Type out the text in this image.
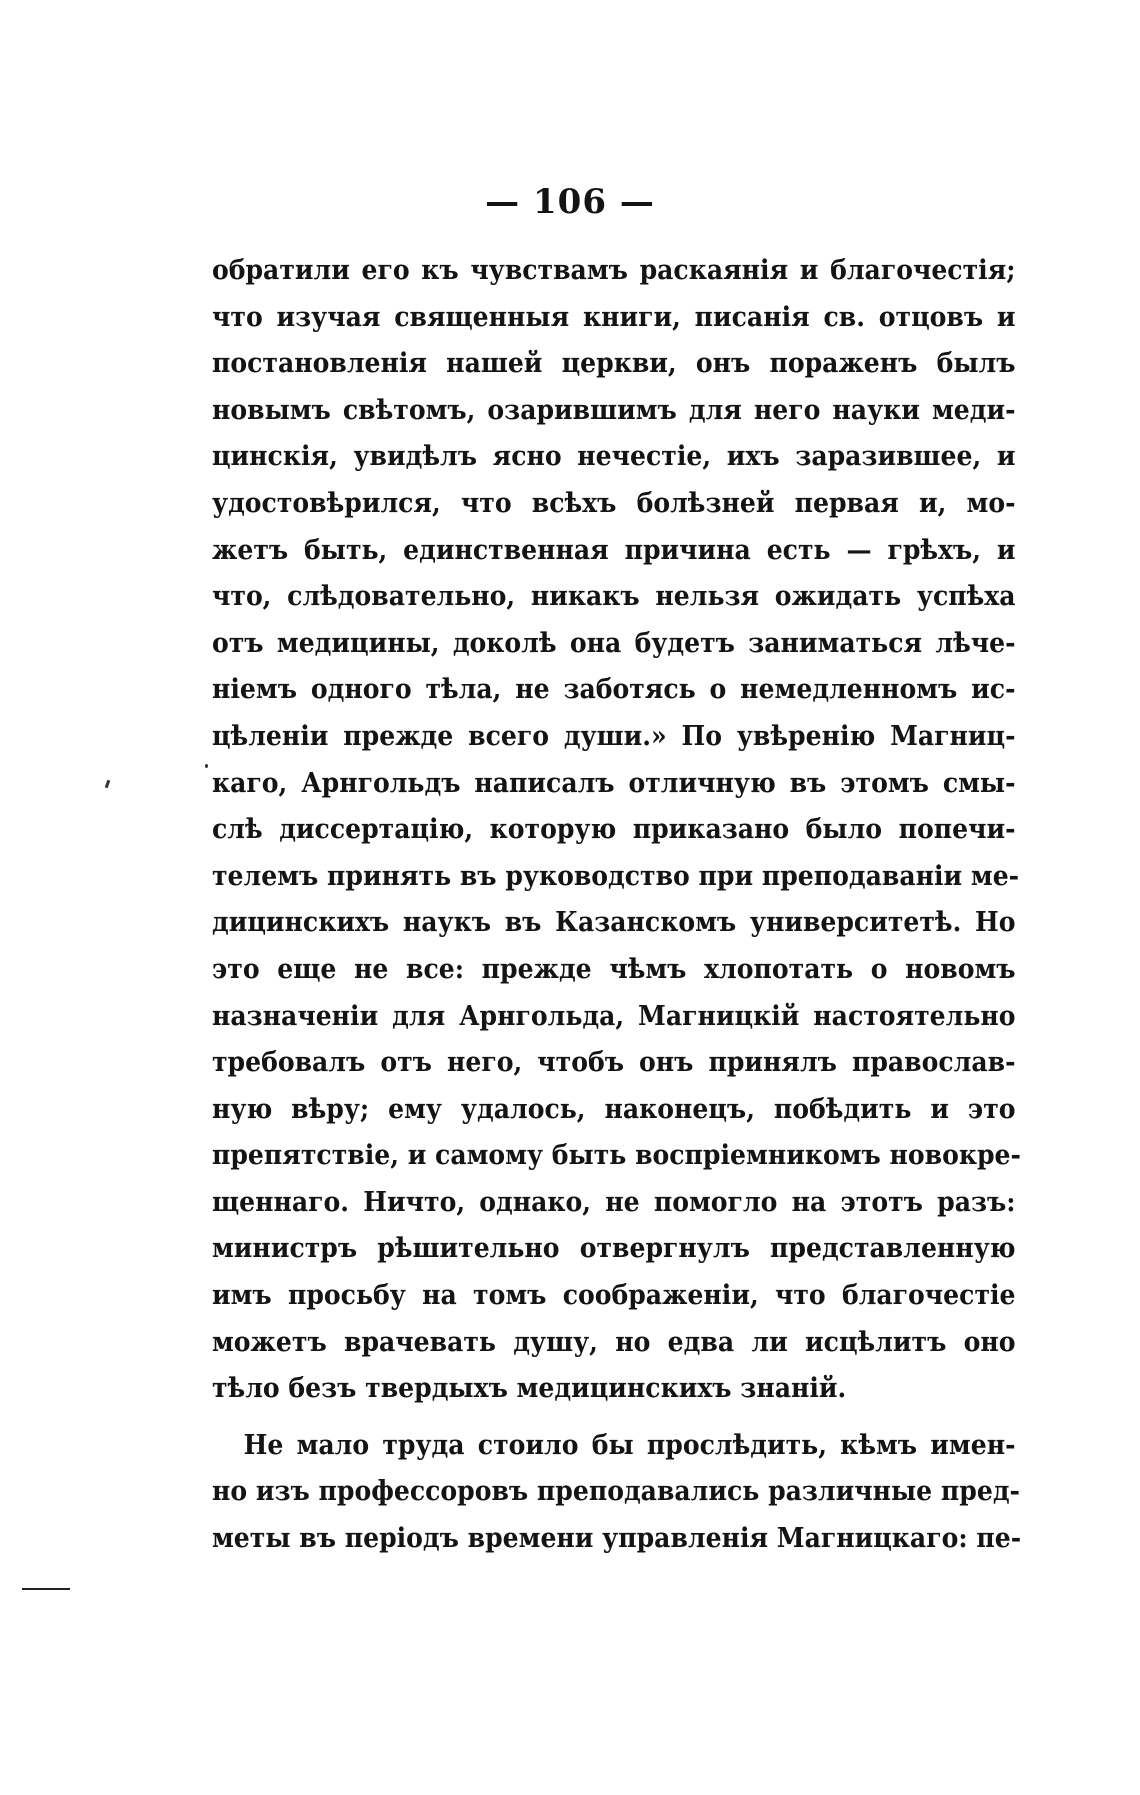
— 106 —
обратили его къ чувствамъ раскаянія и благочестія;
что изучая священныя книги, писанія св. отцовъ и
постановленія нашей церкви, онъ пораженъ былъ
новымъ свѣтомъ, озарившимъ для него науки меди-
цинскія, увидѣлъ ясно нечестіе, ихъ заразившее, и
удостовѣрился, что всѣхъ болѣзней первая и, мо-
жетъ быть, единственная причина есть — грѣхъ, и
что, слѣдовательно, никакъ нельзя ожидать успѣха
отъ медицины, доколѣ она будетъ заниматься лѣче-
ніемъ одного тѣла, не заботясь о немедленномъ ис-
цѣленіи прежде всего души.» По увѣренію Магниц-
каго, Арнгольдъ написалъ отличную въ этомъ смы-
слѣ диссертацію, которую приказано было попечи-
телемъ принять въ руководство при преподаваніи ме-
дицинскихъ наукъ въ Казанскомъ университетѣ. Но
это еще не все: прежде чѣмъ хлопотать о новомъ
назначеніи для Арнгольда, Магницкій настоятельно
требовалъ отъ него, чтобъ онъ принялъ православ-
ную вѣру; ему удалось, наконецъ, побѣдить и это
препятствіе, и самому быть воспріемникомъ новокре-
щеннаго. Ничто, однако, не помогло на этотъ разъ:
министръ рѣшительно отвергнулъ представленную
имъ просьбу на томъ соображеніи, что благочестіе
можетъ врачевать душу, но едва ли исцѣлитъ оно
тѣло безъ твердыхъ медицинскихъ знаній.
Не мало труда стоило бы прослѣдить, кѣмъ имен-
но изъ профессоровъ преподавались различные пред-
меты въ періодъ времени управленія Магницкаго: пе-
